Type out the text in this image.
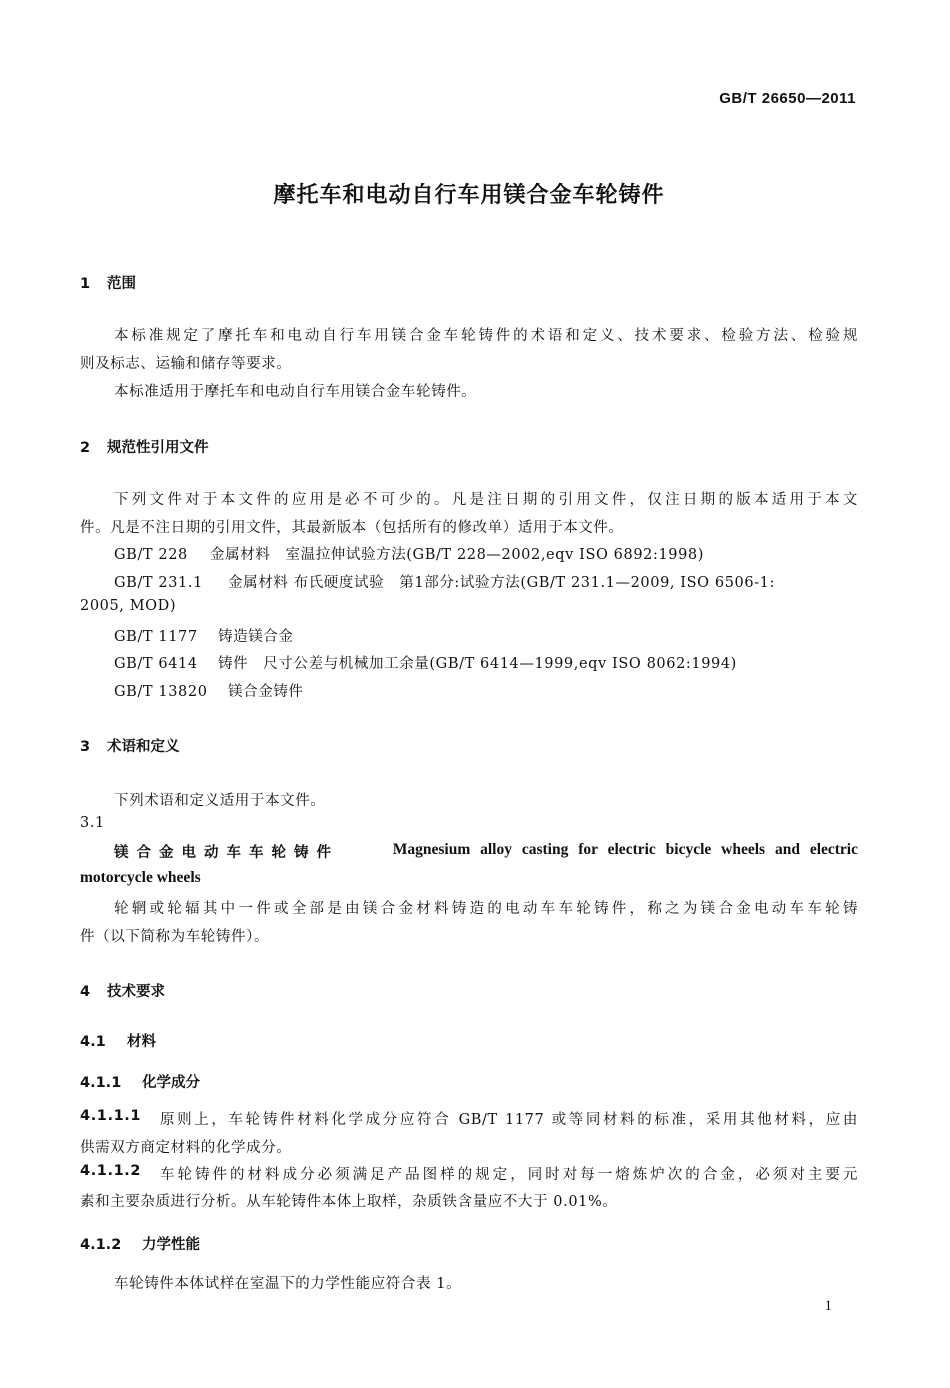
GB/T 26650—2011
摩托车和电动自行车用镁合金车轮铸件
1 范围
本标准规定了摩托车和电动自行车用镁合金车轮铸件的术语和定义、技术要求、检验方法、检验规
则及标志、运输和储存等要求。
本标准适用于摩托车和电动自行车用镁合金车轮铸件。
2 规范性引用文件
下列文件对于本文件的应用是必不可少的。凡是注日期的引用文件，仅注日期的版本适用于本文
件。凡是不注日期的引用文件，其最新版本（包括所有的修改单）适用于本文件。
GB/T 228 金属材料　室温拉伸试验方法(GB/T 228—2002,eqv ISO 6892:1998)
GB/T 231.1 金属材料 布氏硬度试验　第1部分:试验方法(GB/T 231.1—2009, ISO 6506-1:
2005, MOD)
GB/T 1177 铸造镁合金
GB/T 6414 铸件　尺寸公差与机械加工余量(GB/T 6414—1999,eqv ISO 8062:1994)
GB/T 13820 镁合金铸件
3 术语和定义
下列术语和定义适用于本文件。
3.1
镁合金电动车车轮铸件	Magnesium alloy casting for electric bicycle wheels and electric
motorcycle wheels
轮辋或轮辐其中一件或全部是由镁合金材料铸造的电动车车轮铸件，称之为镁合金电动车车轮铸
件（以下简称为车轮铸件）。
4 技术要求
4.1 材料
4.1.1 化学成分
4.1.1.1	原则上，车轮铸件材料化学成分应符合 GB/T 1177 或等同材料的标准，采用其他材料，应由
供需双方商定材料的化学成分。
4.1.1.2	车轮铸件的材料成分必须满足产品图样的规定，同时对每一熔炼炉次的合金，必须对主要元
素和主要杂质进行分析。从车轮铸件本体上取样，杂质铁含量应不大于 0.01%。
4.1.2 力学性能
车轮铸件本体试样在室温下的力学性能应符合表 1。
1
